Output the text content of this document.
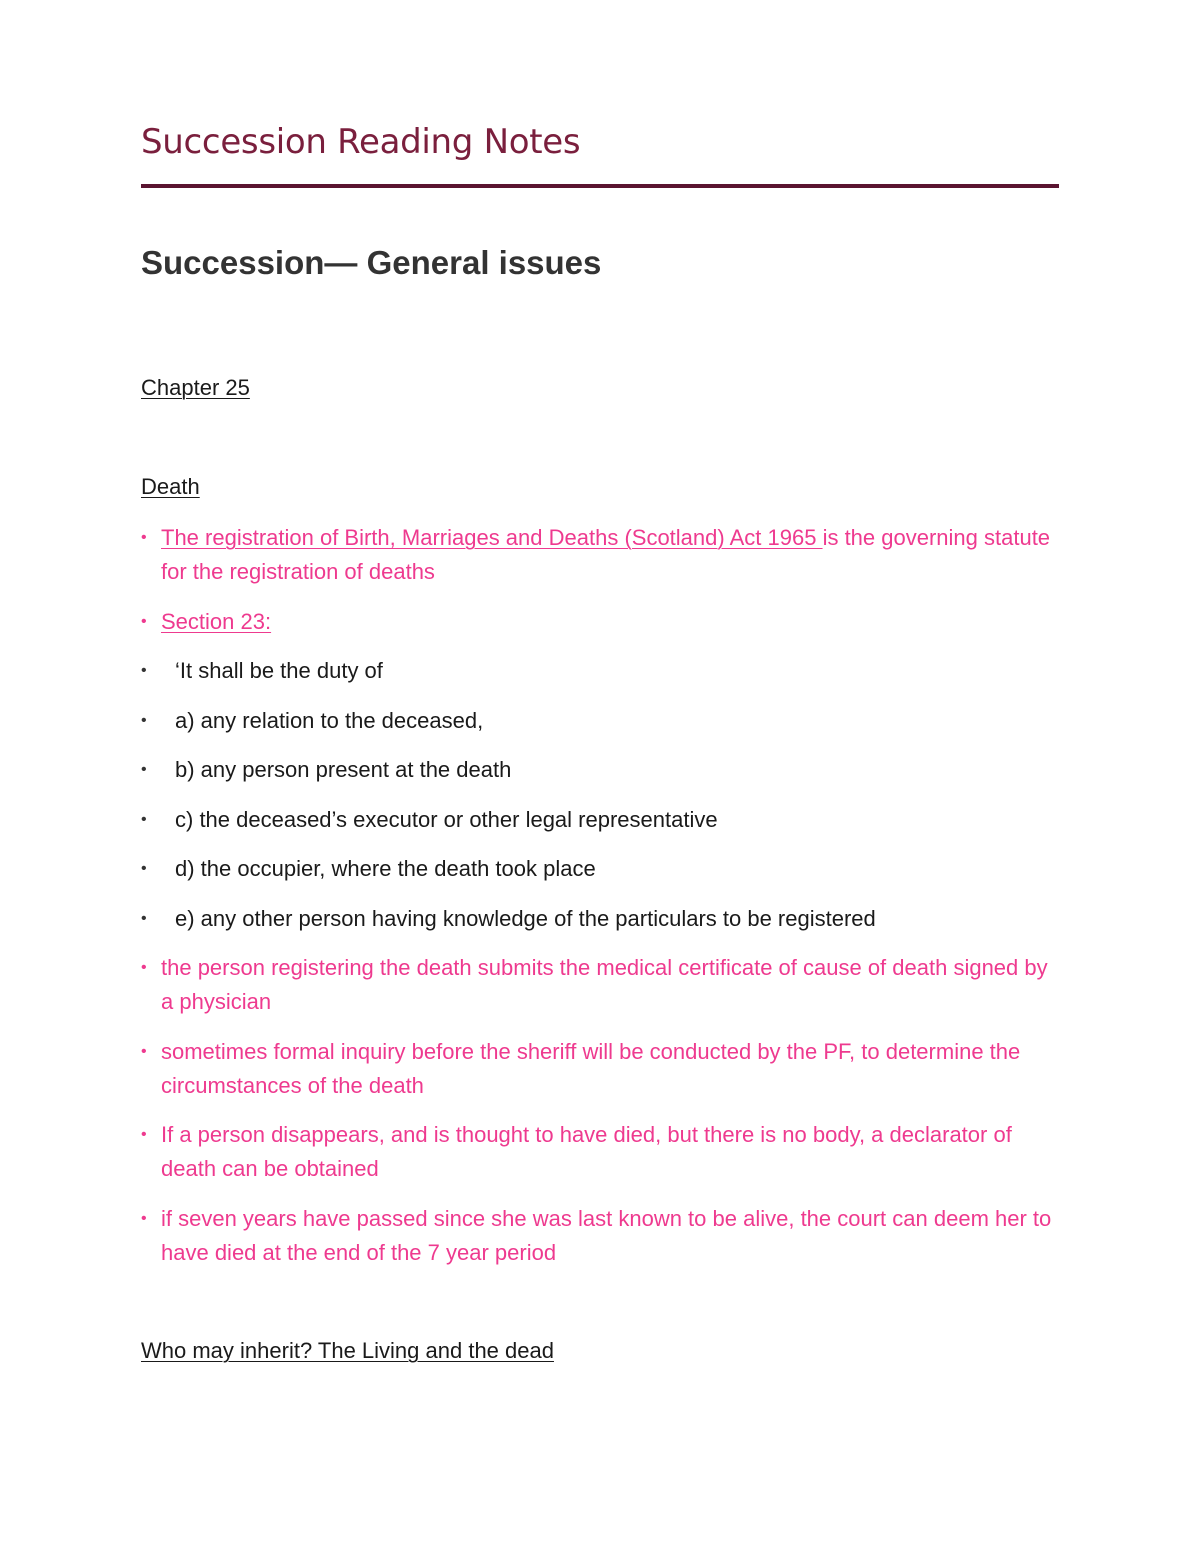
Succession Reading Notes
Succession— General issues

Chapter 25

Death

• The registration of Birth, Marriages and Deaths (Scotland) Act 1965 is the governing statute for the registration of deaths
• Section 23:
• ‘It shall be the duty of
• a) any relation to the deceased,
• b) any person present at the death
• c) the deceased’s executor or other legal representative
• d) the occupier, where the death took place
• e) any other person having knowledge of the particulars to be registered
• the person registering the death submits the medical certificate of cause of death signed by a physician
• sometimes formal inquiry before the sheriff will be conducted by the PF, to determine the circumstances of the death
• If a person disappears, and is thought to have died, but there is no body, a declarator of death can be obtained
• if seven years have passed since she was last known to be alive, the court can deem her to have died at the end of the 7 year period

Who may inherit? The Living and the dead
